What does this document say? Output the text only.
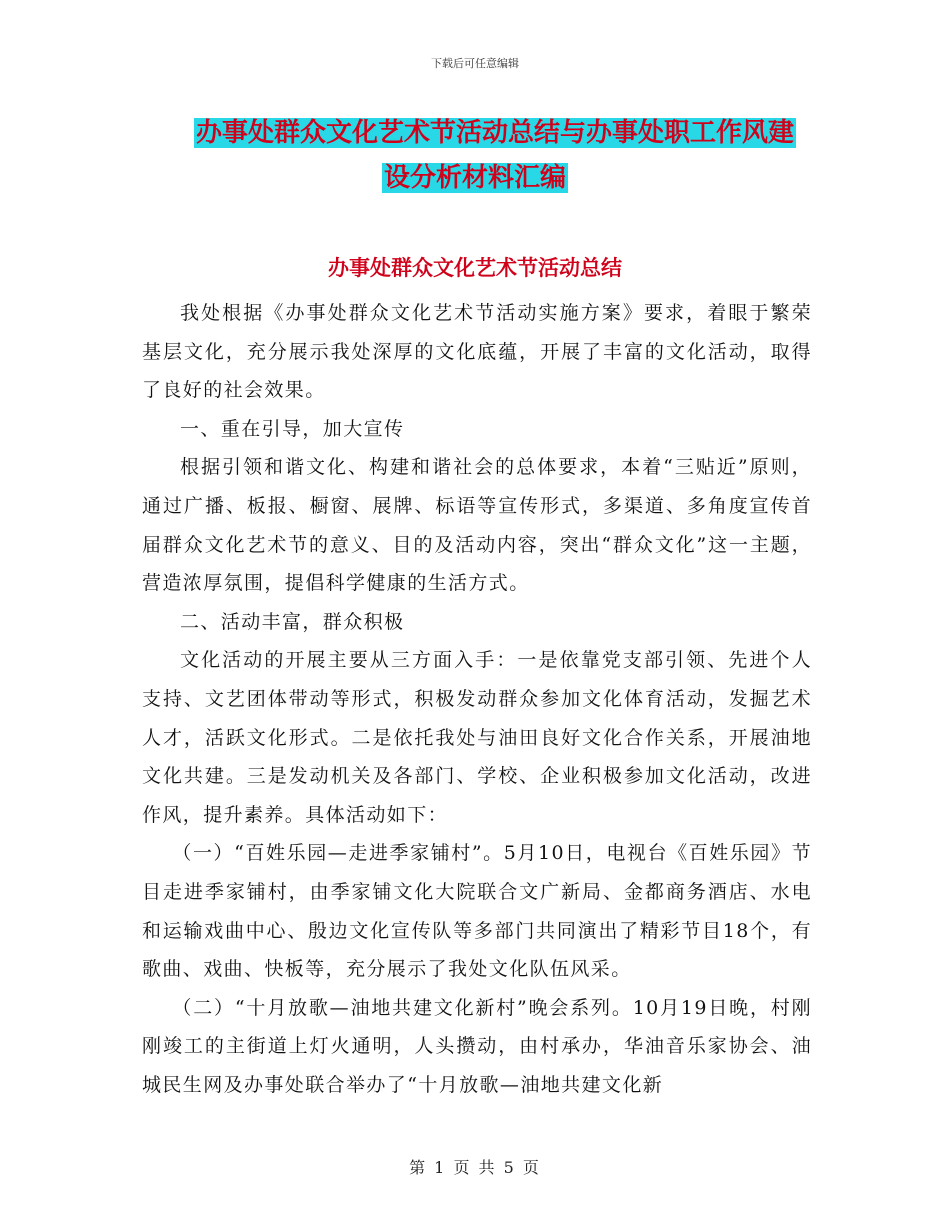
下载后可任意编辑
办事处群众文化艺术节活动总结与办事处职工作风建
设分析材料汇编
办事处群众文化艺术节活动总结

我处根据《办事处群众文化艺术节活动实施方案》要求，着眼于繁荣基层文化，充分展示我处深厚的文化底蕴，开展了丰富的文化活动，取得了良好的社会效果。

一、重在引导，加大宣传

根据引领和谐文化、构建和谐社会的总体要求，本着“三贴近”原则，通过广播、板报、橱窗、展牌、标语等宣传形式，多渠道、多角度宣传首届群众文化艺术节的意义、目的及活动内容，突出“群众文化”这一主题，营造浓厚氛围，提倡科学健康的生活方式。

二、活动丰富，群众积极

文化活动的开展主要从三方面入手：一是依靠党支部引领、先进个人支持、文艺团体带动等形式，积极发动群众参加文化体育活动，发掘艺术人才，活跃文化形式。二是依托我处与油田良好文化合作关系，开展油地文化共建。三是发动机关及各部门、学校、企业积极参加文化活动，改进作风，提升素养。具体活动如下：

（一）“百姓乐园—走进季家铺村”。5月10日，电视台《百姓乐园》节目走进季家铺村，由季家铺文化大院联合文广新局、金都商务酒店、水电和运输戏曲中心、殷边文化宣传队等多部门共同演出了精彩节目18个，有歌曲、戏曲、快板等，充分展示了我处文化队伍风采。

（二）“十月放歌—油地共建文化新村”晚会系列。10月19日晚，村刚刚竣工的主街道上灯火通明，人头攒动，由村承办，华油音乐家协会、油城民生网及办事处联合举办了“十月放歌—油地共建文化新

第 1 页 共 5 页
